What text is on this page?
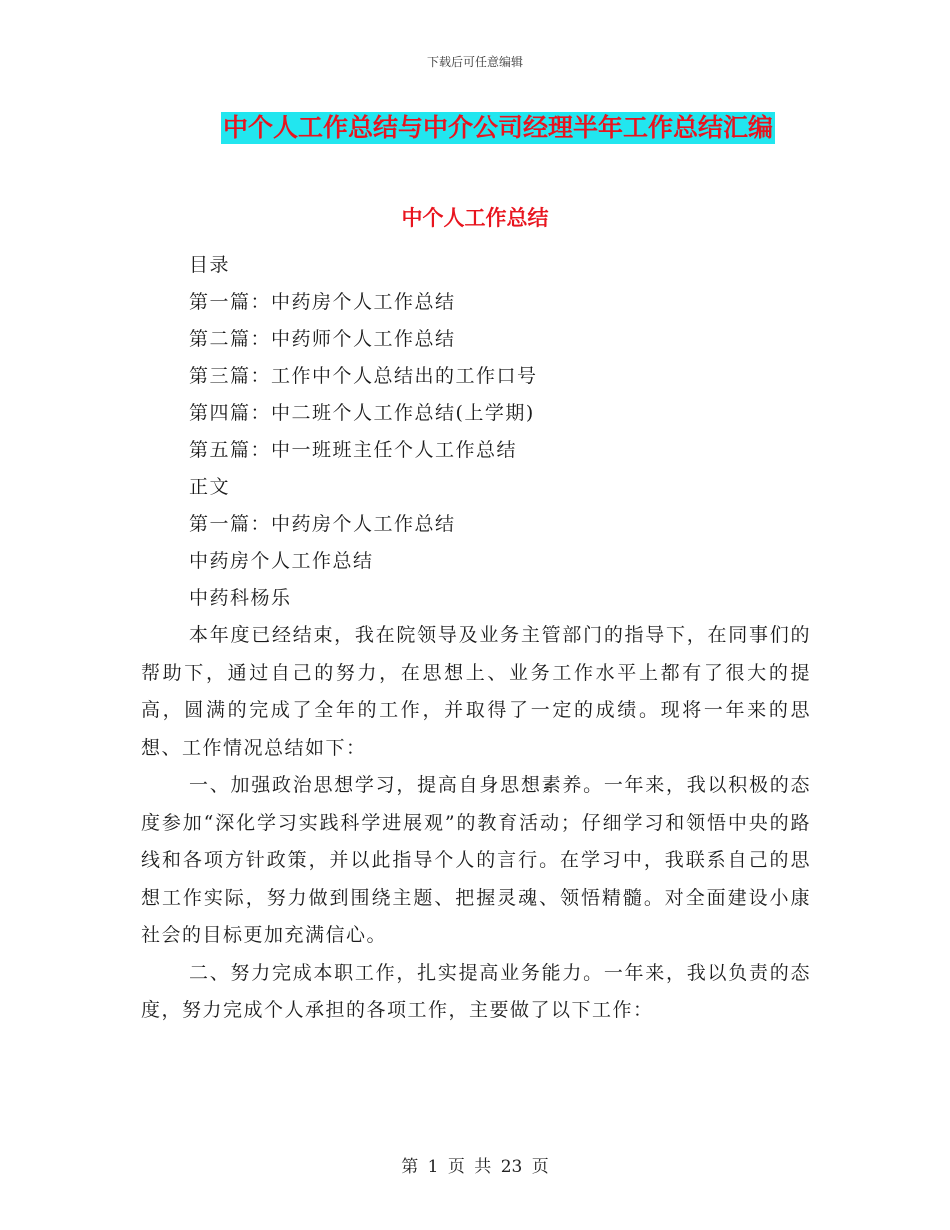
下载后可任意编辑
中个人工作总结与中介公司经理半年工作总结汇编
中个人工作总结
目录
第一篇：中药房个人工作总结
第二篇：中药师个人工作总结
第三篇：工作中个人总结出的工作口号
第四篇：中二班个人工作总结(上学期)
第五篇：中一班班主任个人工作总结
正文
第一篇：中药房个人工作总结
中药房个人工作总结
中药科杨乐

本年度已经结束，我在院领导及业务主管部门的指导下，在同事们的帮助下，通过自己的努力，在思想上、业务工作水平上都有了很大的提高，圆满的完成了全年的工作，并取得了一定的成绩。现将一年来的思想、工作情况总结如下：

一、加强政治思想学习，提高自身思想素养。一年来，我以积极的态度参加“深化学习实践科学进展观”的教育活动；仔细学习和领悟中央的路线和各项方针政策，并以此指导个人的言行。在学习中，我联系自己的思想工作实际，努力做到围绕主题、把握灵魂、领悟精髓。对全面建设小康社会的目标更加充满信心。

二、努力完成本职工作，扎实提高业务能力。一年来，我以负责的态度，努力完成个人承担的各项工作，主要做了以下工作：

第 1 页 共 23 页
